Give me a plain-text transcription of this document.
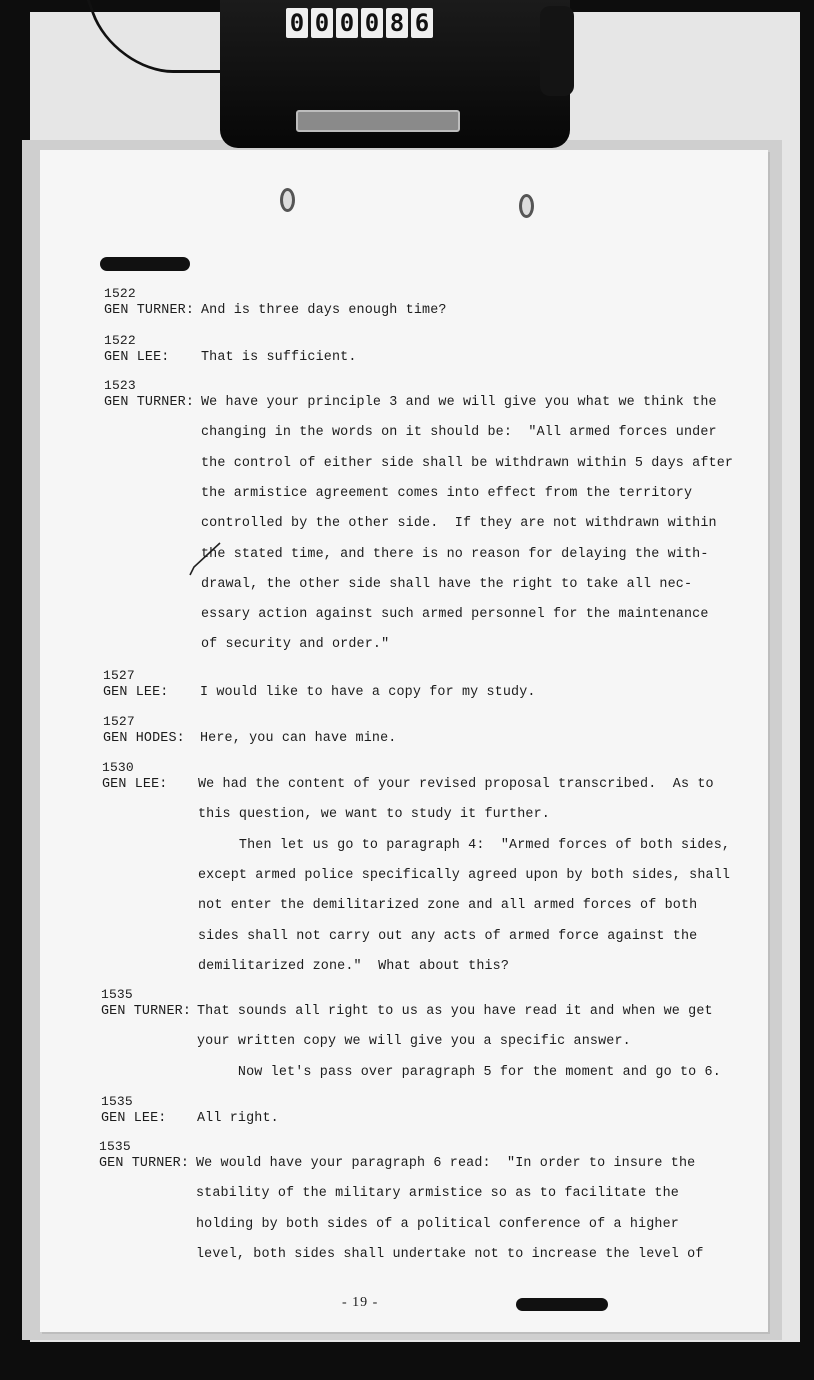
0 0 0 0 8 6
1522
GEN TURNER: And is three days enough time?
1522
GEN LEE: That is sufficient.
1523
GEN TURNER: We have your principle 3 and we will give you what we think the
changing in the words on it should be:  "All armed forces under
the control of either side shall be withdrawn within 5 days after
the armistice agreement comes into effect from the territory
controlled by the other side.  If they are not withdrawn within
the stated time, and there is no reason for delaying the with-
drawal, the other side shall have the right to take all nec-
essary action against such armed personnel for the maintenance
of security and order."
1527
GEN LEE: I would like to have a copy for my study.
1527
GEN HODES: Here, you can have mine.
1530
GEN LEE: We had the content of your revised proposal transcribed.  As to
this question, we want to study it further.
Then let us go to paragraph 4:  "Armed forces of both sides,
except armed police specifically agreed upon by both sides, shall
not enter the demilitarized zone and all armed forces of both
sides shall not carry out any acts of armed force against the
demilitarized zone."  What about this?
1535
GEN TURNER: That sounds all right to us as you have read it and when we get
your written copy we will give you a specific answer.
Now let's pass over paragraph 5 for the moment and go to 6.
1535
GEN LEE: All right.
1535
GEN TURNER: We would have your paragraph 6 read:  "In order to insure the
stability of the military armistice so as to facilitate the
holding by both sides of a political conference of a higher
level, both sides shall undertake not to increase the level of
- 19 -
